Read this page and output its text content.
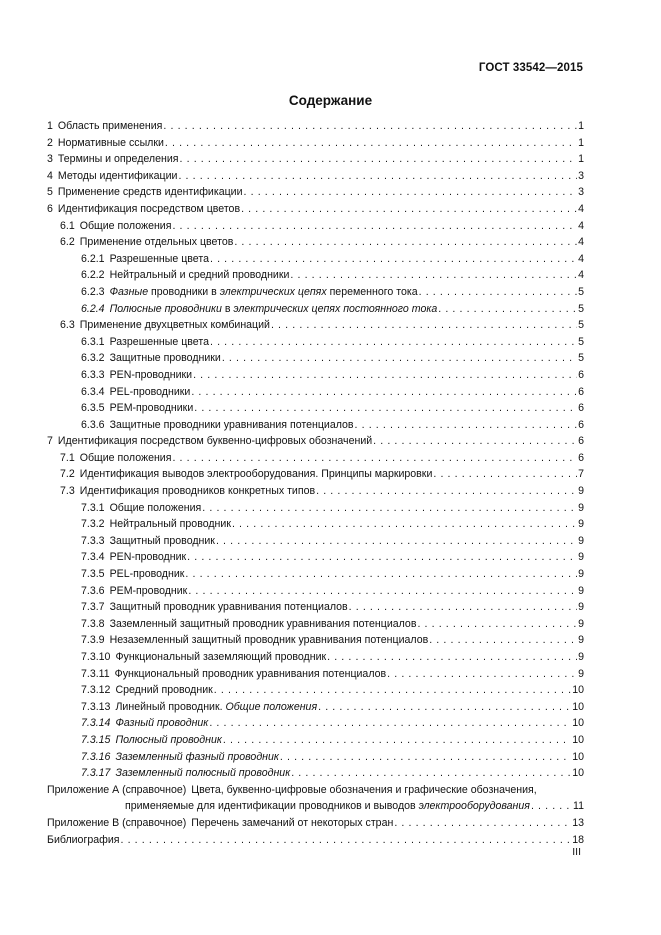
ГОСТ 33542—2015
Содержание
1 Область применения . . .	1
2 Нормативные ссылки . . .	1
3 Термины и определения . . .	1
4 Методы идентификации . . .	3
5 Применение средств идентификации . . .	3
6 Идентификация посредством цветов . . .	4
6.1 Общие положения . . .	4
6.2 Применение отдельных цветов . . .	4
6.2.1 Разрешенные цвета . . .	4
6.2.2 Нейтральный и средний проводники . . .	4
6.2.3 Фазные проводники в электрических цепях переменного тока . . .	5
6.2.4 Полюсные проводники в электрических цепях постоянного тока . . .	5
6.3 Применение двухцветных комбинаций . . .	5
6.3.1 Разрешенные цвета . . .	5
6.3.2 Защитные проводники . . .	5
6.3.3 PEN-проводники . . .	6
6.3.4 PEL-проводники . . .	6
6.3.5 PEM-проводники . . .	6
6.3.6 Защитные проводники уравнивания потенциалов . . .	6
7 Идентификация посредством буквенно-цифровых обозначений . . .	6
7.1 Общие положения . . .	6
7.2 Идентификация выводов электрооборудования. Принципы маркировки . . .	7
7.3 Идентификация проводников конкретных типов . . .	9
7.3.1 Общие положения . . .	9
7.3.2 Нейтральный проводник . . .	9
7.3.3 Защитный проводник . . .	9
7.3.4 PEN-проводник . . .	9
7.3.5 PEL-проводник . . .	9
7.3.6 PEM-проводник . . .	9
7.3.7 Защитный проводник уравнивания потенциалов . . .	9
7.3.8 Заземленный защитный проводник уравнивания потенциалов . . .	9
7.3.9 Незаземленный защитный проводник уравнивания потенциалов . . .	9
7.3.10 Функциональный заземляющий проводник . . .	9
7.3.11 Функциональный проводник уравнивания потенциалов . . .	9
7.3.12 Средний проводник . . .	10
7.3.13 Линейный проводник. Общие положения . . .	10
7.3.14 Фазный проводник . . .	10
7.3.15 Полюсный проводник . . .	10
7.3.16 Заземленный фазный проводник . . .	10
7.3.17 Заземленный полюсный проводник . . .	10
Приложение А (справочное) Цвета, буквенно-цифровые обозначения и графические обозначения,
применяемые для идентификации проводников и выводов электрооборудования . . .	11
Приложение В (справочное) Перечень замечаний от некоторых стран . . .	13
Библиография . . .	18
III
